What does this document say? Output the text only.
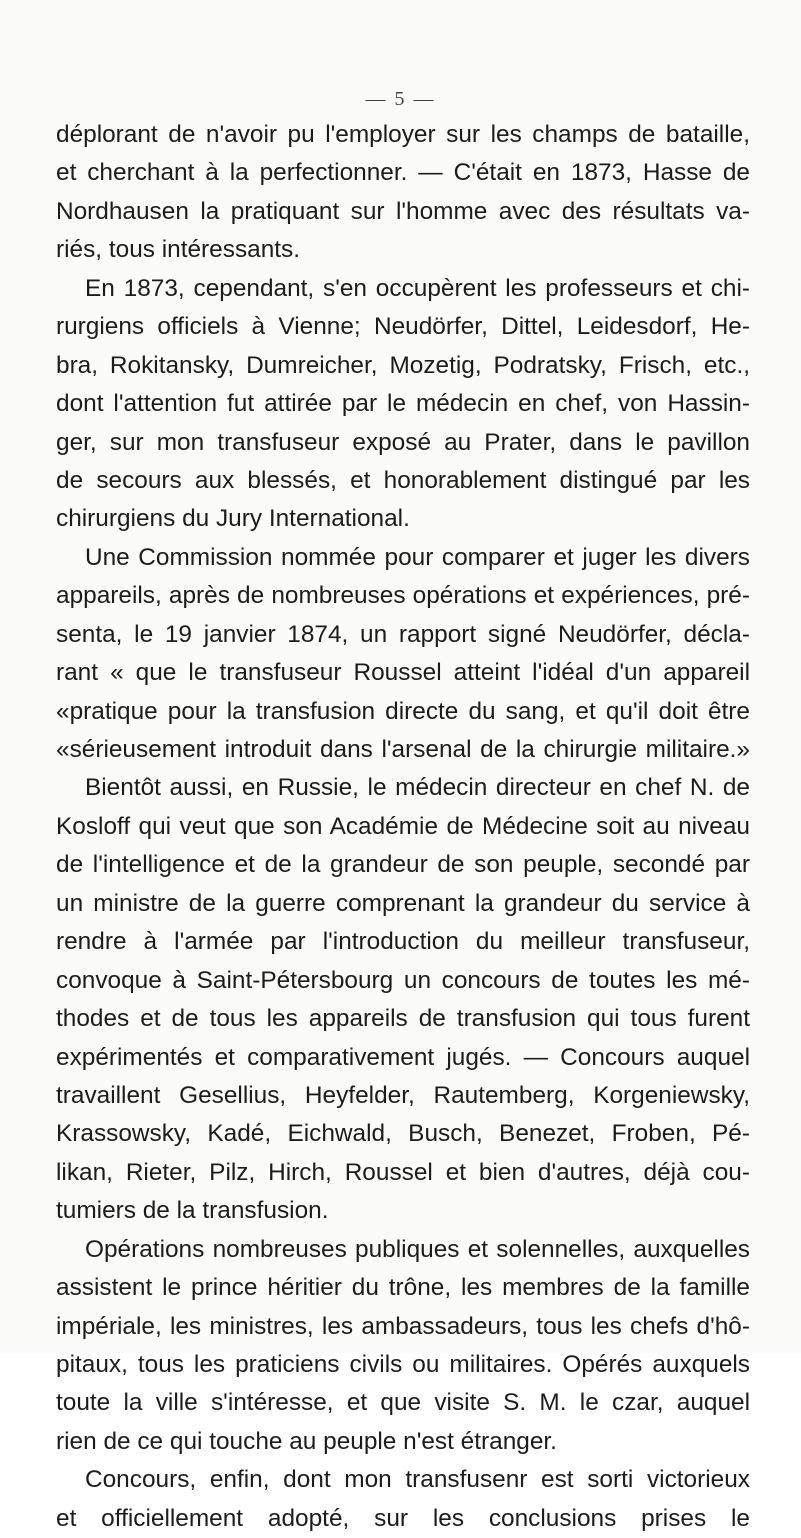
— 5 —
déplorant de n'avoir pu l'employer sur les champs de bataille,
et cherchant à la perfectionner. — C'était en 1873, Hasse de
Nordhausen la pratiquant sur l'homme avec des résultats va-
riés, tous intéressants.
En 1873, cependant, s'en occupèrent les professeurs et chi-
rurgiens officiels à Vienne; Neudörfer, Dittel, Leidesdorf, He-
bra, Rokitansky, Dumreicher, Mozetig, Podratsky, Frisch, etc.,
dont l'attention fut attirée par le médecin en chef, von Hassin-
ger, sur mon transfuseur exposé au Prater, dans le pavillon
de secours aux blessés, et honorablement distingué par les
chirurgiens du Jury International.
Une Commission nommée pour comparer et juger les divers
appareils, après de nombreuses opérations et expériences, pré-
senta, le 19 janvier 1874, un rapport signé Neudörfer, décla-
rant « que le transfuseur Roussel atteint l'idéal d'un appareil
«pratique pour la transfusion directe du sang, et qu'il doit être
«sérieusement introduit dans l'arsenal de la chirurgie militaire.»
Bientôt aussi, en Russie, le médecin directeur en chef N. de
Kosloff qui veut que son Académie de Médecine soit au niveau
de l'intelligence et de la grandeur de son peuple, secondé par
un ministre de la guerre comprenant la grandeur du service à
rendre à l'armée par l'introduction du meilleur transfuseur,
convoque à Saint-Pétersbourg un concours de toutes les mé-
thodes et de tous les appareils de transfusion qui tous furent
expérimentés et comparativement jugés. — Concours auquel
travaillent Gesellius, Heyfelder, Rautemberg, Korgeniewsky,
Krassowsky, Kadé, Eichwald, Busch, Benezet, Froben, Pé-
likan, Rieter, Pilz, Hirch, Roussel et bien d'autres, déjà cou-
tumiers de la transfusion.
Opérations nombreuses publiques et solennelles, auxquelles
assistent le prince héritier du trône, les membres de la famille
impériale, les ministres, les ambassadeurs, tous les chefs d'hô-
pitaux, tous les praticiens civils ou militaires. Opérés auxquels
toute la ville s'intéresse, et que visite S. M. le czar, auquel
rien de ce qui touche au peuple n'est étranger.
Concours, enfin, dont mon transfusenr est sorti victorieux
et officiellement adopté, sur les conclusions prises le
